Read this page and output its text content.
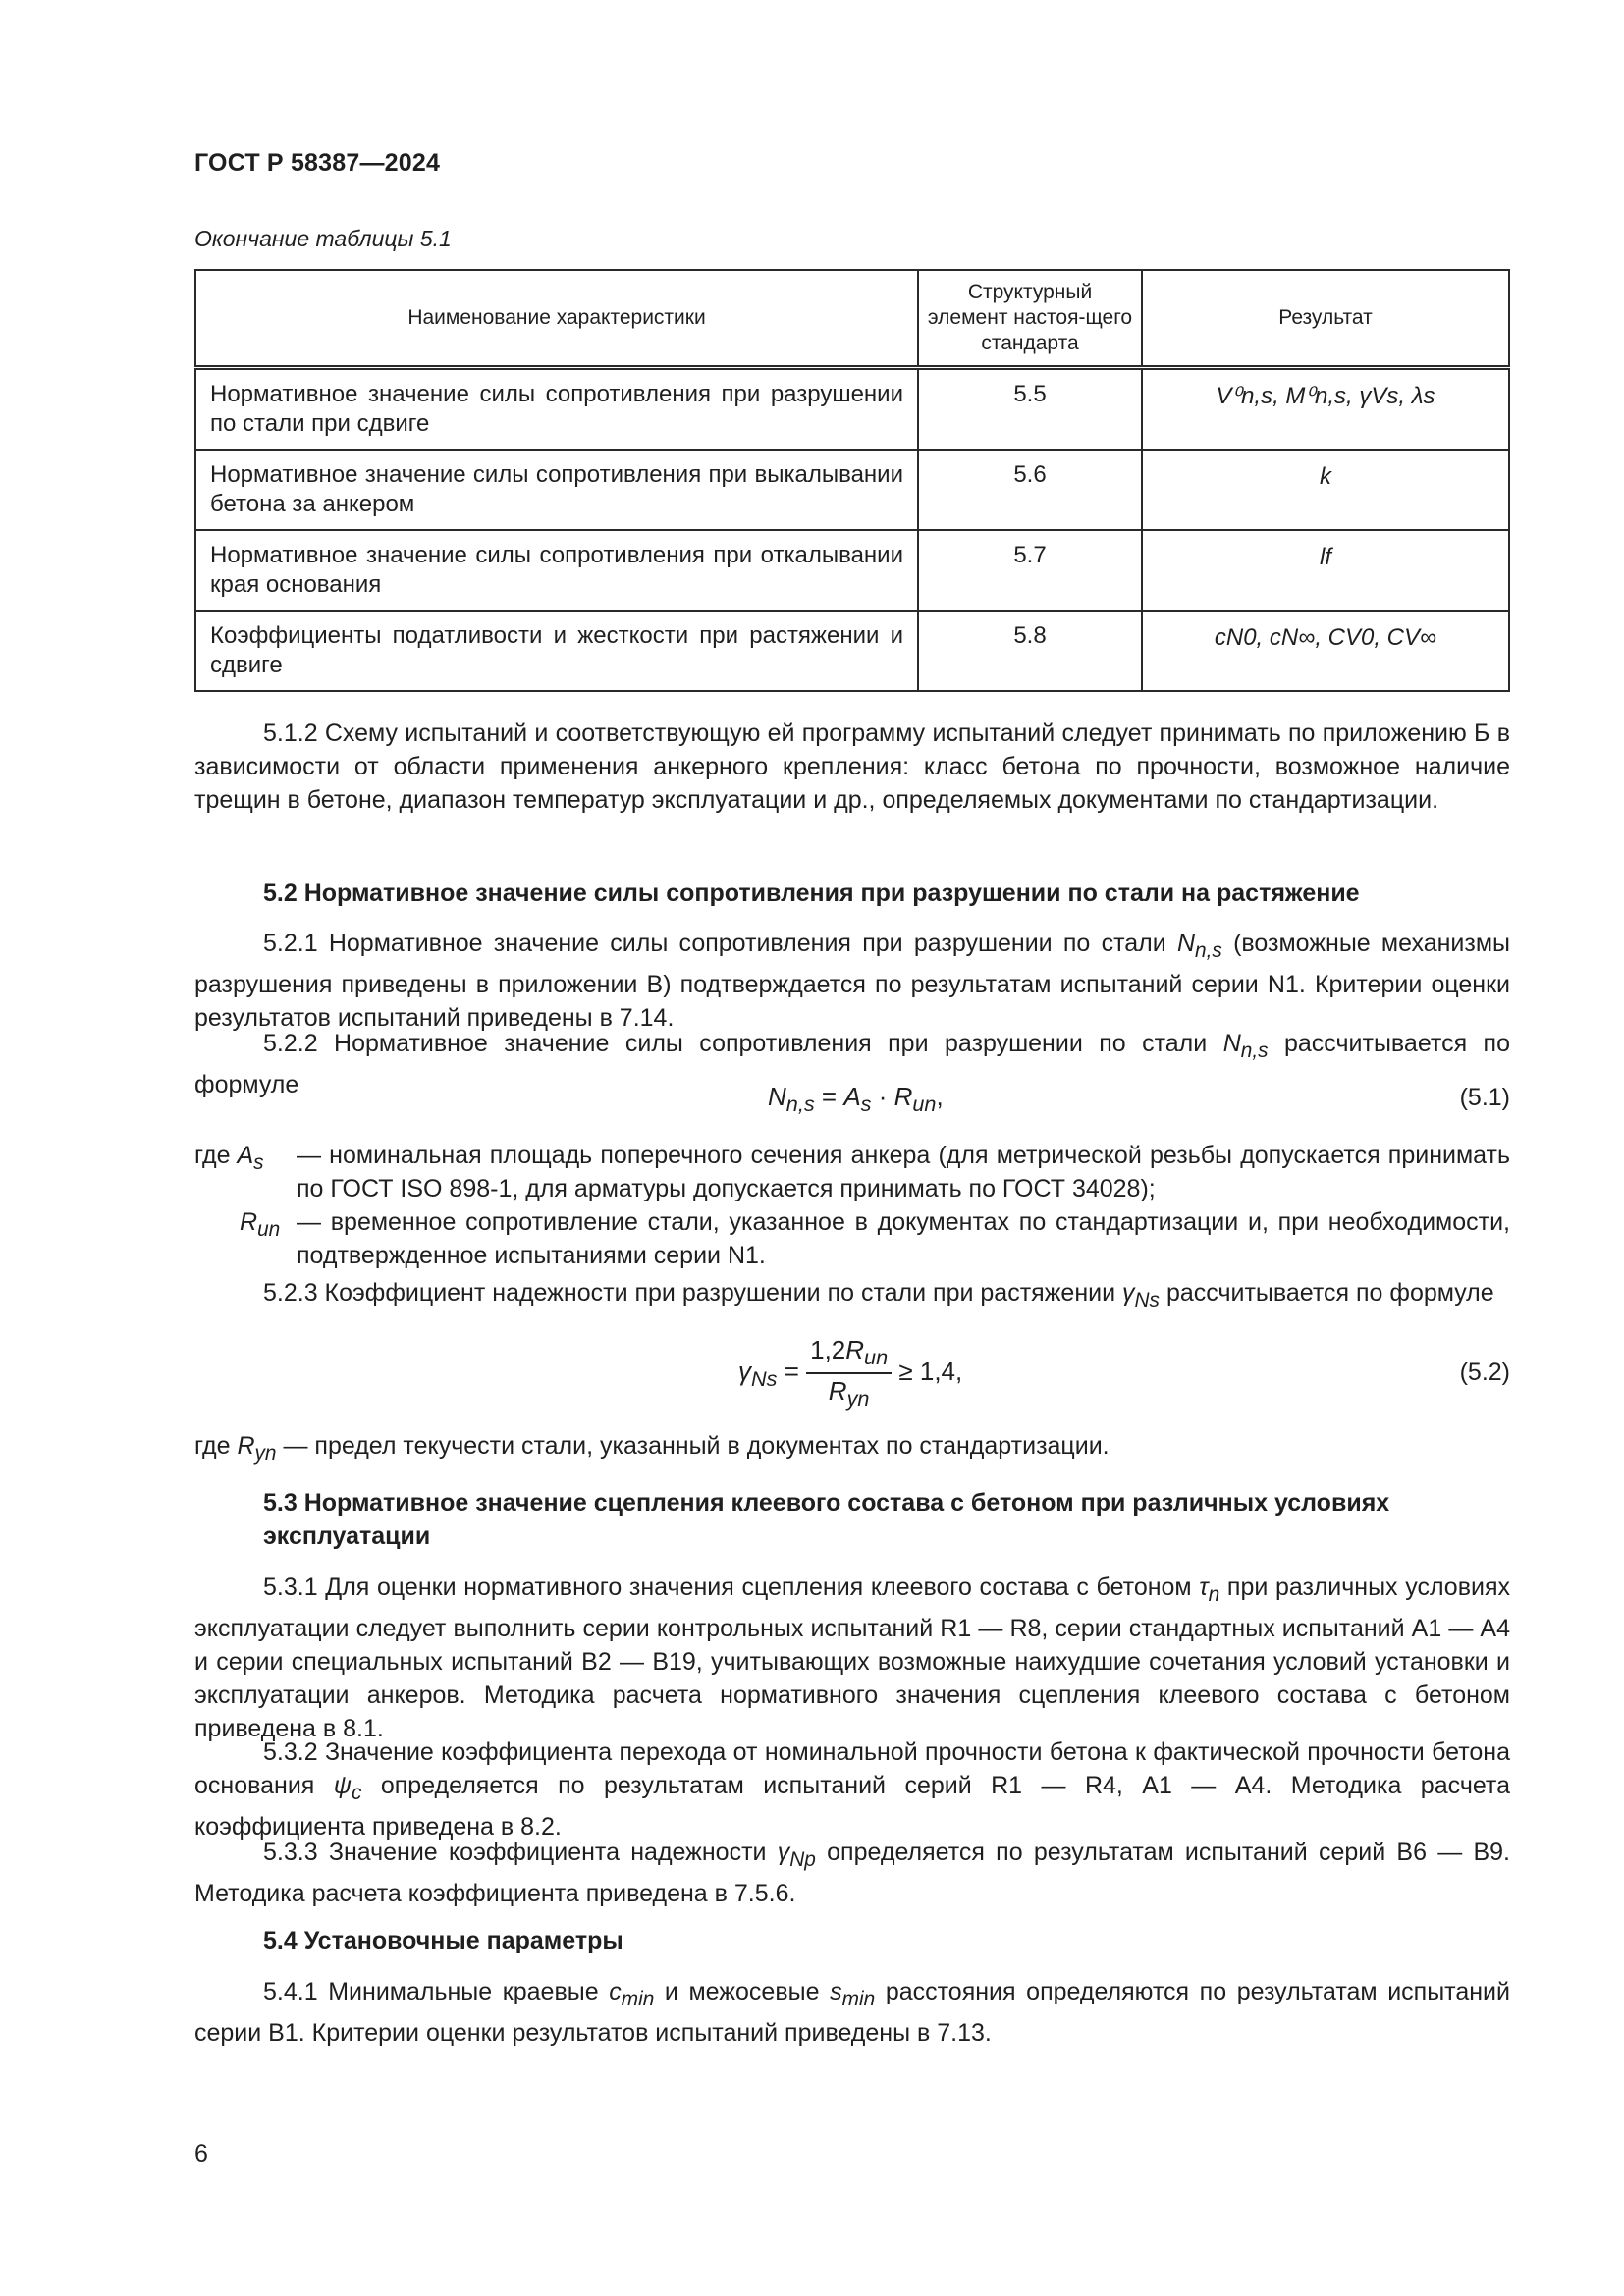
ГОСТ Р 58387—2024
Окончание таблицы 5.1
Наименование характеристики	Структурный элемент настоя-щего стандарта	Результат
Нормативное значение силы сопротивления при разрушении по стали при сдвиге	5.5	V⁰n,s, M⁰n,s, γVs, λs
Нормативное значение силы сопротивления при выкалывании бетона за анкером	5.6	k
Нормативное значение силы сопротивления при откалывании края основания	5.7	lf
Коэффициенты податливости и жесткости при растяжении и сдвиге	5.8	cN0, cN∞, CV0, CV∞
5.1.2 Схему испытаний и соответствующую ей программу испытаний следует принимать по приложению Б в зависимости от области применения анкерного крепления: класс бетона по прочности, возможное наличие трещин в бетоне, диапазон температур эксплуатации и др., определяемых документами по стандартизации.
5.2 Нормативное значение силы сопротивления при разрушении по стали на растяжение
5.2.1 Нормативное значение силы сопротивления при разрушении по стали $N_{n,s}$ (возможные механизмы разрушения приведены в приложении В) подтверждается по результатам испытаний серии N1. Критерии оценки результатов испытаний приведены в 7.14.
5.2.2 Нормативное значение силы сопротивления при разрушении по стали $N_{n,s}$ рассчитывается по формуле	$N_{n,s} = A_s \cdot R_{un}$,	(5.1)
где $A_s$	— номинальная площадь поперечного сечения анкера (для метрической резьбы допускается принимать по ГОСТ ISO 898-1, для арматуры допускается принимать по ГОСТ 34028);
$R_{un}$ — временное сопротивление стали, указанное в документах по стандартизации и, при необходимости, подтвержденное испытаниями серии N1.
5.2.3 Коэффициент надежности при разрушении по стали при растяжении $\gamma_{Ns}$ рассчитывается по формуле
$\gamma_{Ns} = \frac{1,2R_{un}}{R_{yn}} \ge 1,4$,	(5.2)
где $R_{yn}$ — предел текучести стали, указанный в документах по стандартизации.
5.3 Нормативное значение сцепления клеевого состава с бетоном при различных условиях эксплуатации
5.3.1 Для оценки нормативного значения сцепления клеевого состава с бетоном $\tau_n$ при различных условиях эксплуатации следует выполнить серии контрольных испытаний R1 — R8, серии стандартных испытаний А1 — А4 и серии специальных испытаний В2 — В19, учитывающих возможные наихудшие сочетания условий установки и эксплуатации анкеров. Методика расчета нормативного значения сцепления клеевого состава с бетоном приведена в 8.1.
5.3.2 Значение коэффициента перехода от номинальной прочности бетона к фактической прочности бетона основания $\psi_c$ определяется по результатам испытаний серий R1 — R4, А1 — А4. Методика расчета коэффициента приведена в 8.2.
5.3.3 Значение коэффициента надежности $\gamma_{Np}$ определяется по результатам испытаний серий В6 — В9. Методика расчета коэффициента приведена в 7.5.6.
5.4 Установочные параметры
5.4.1 Минимальные краевые $c_{min}$ и межосевые $s_{min}$ расстояния определяются по результатам испытаний серии В1. Критерии оценки результатов испытаний приведены в 7.13.
6
